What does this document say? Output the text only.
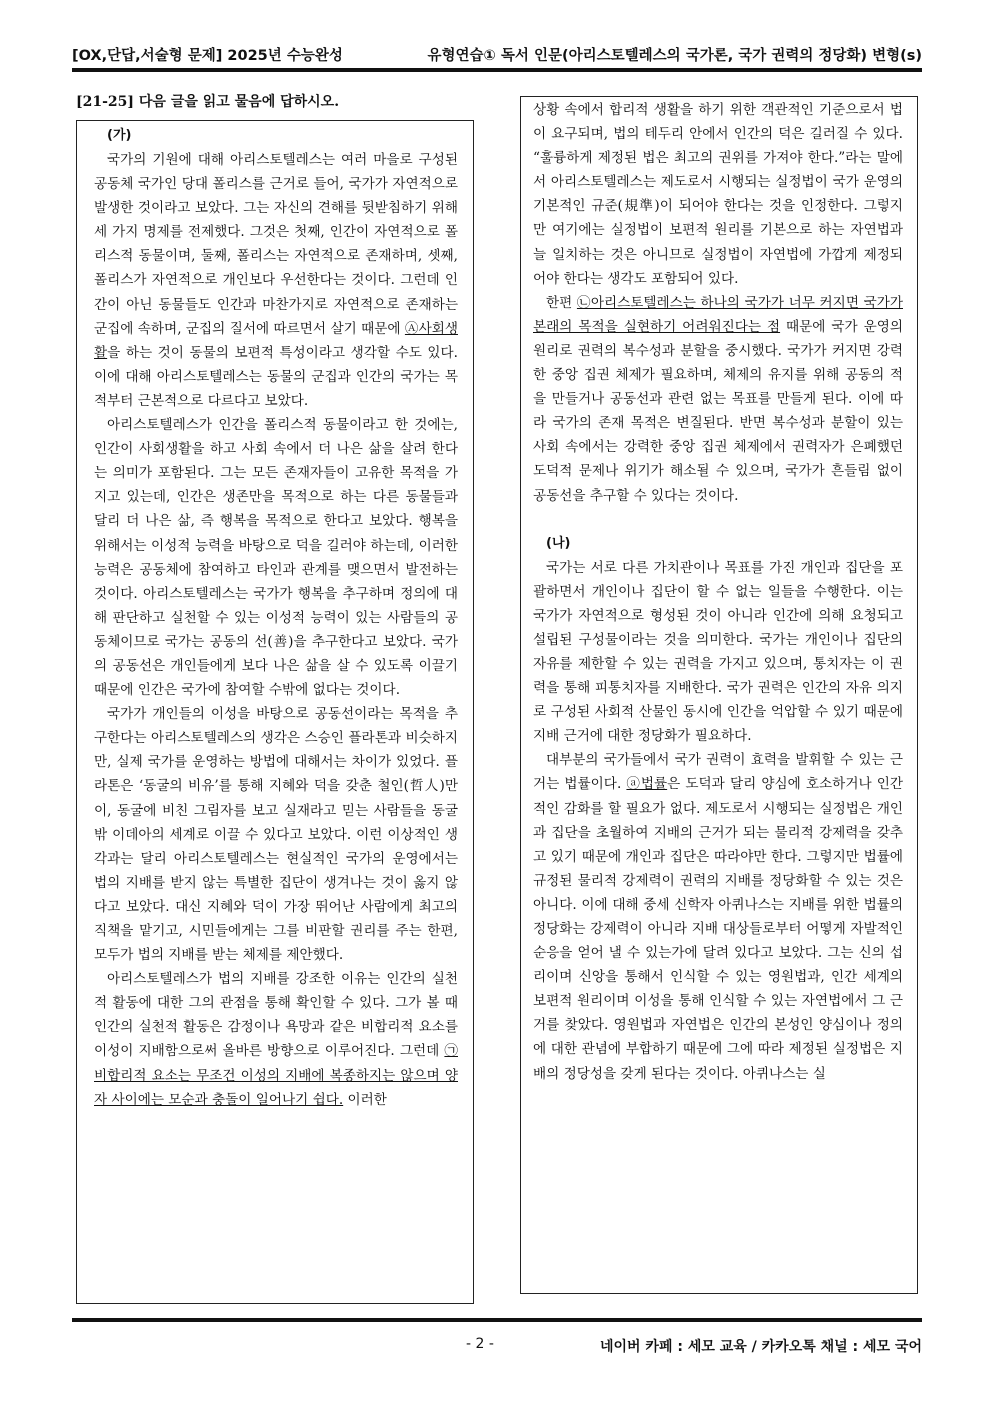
[OX,단답,서술형 문제] 2025년 수능완성	유형연습① 독서 인문(아리스토텔레스의 국가론, 국가 권력의 정당화) 변형(s)
[21-25] 다음 글을 읽고 물음에 답하시오.

(가)

국가의 기원에 대해 아리스토텔레스는 여러 마을로 구성된 공동체 국가인 당대 폴리스를 근거로 들어, 국가가 자연적으로 발생한 것이라고 보았다. 그는 자신의 견해를 뒷받침하기 위해 세 가지 명제를 전제했다. 그것은 첫째, 인간이 자연적으로 폴리스적 동물이며, 둘째, 폴리스는 자연적으로 존재하며, 셋째, 폴리스가 자연적으로 개인보다 우선한다는 것이다. 그런데 인간이 아닌 동물들도 인간과 마찬가지로 자연적으로 존재하는 군집에 속하며, 군집의 질서에 따르면서 살기 때문에 Ⓐ사회생활을 하는 것이 동물의 보편적 특성이라고 생각할 수도 있다. 이에 대해 아리스토텔레스는 동물의 군집과 인간의 국가는 목적부터 근본적으로 다르다고 보았다.

아리스토텔레스가 인간을 폴리스적 동물이라고 한 것에는, 인간이 사회생활을 하고 사회 속에서 더 나은 삶을 살려 한다는 의미가 포함된다. 그는 모든 존재자들이 고유한 목적을 가지고 있는데, 인간은 생존만을 목적으로 하는 다른 동물들과 달리 더 나은 삶, 즉 행복을 목적으로 한다고 보았다. 행복을 위해서는 이성적 능력을 바탕으로 덕을 길러야 하는데, 이러한 능력은 공동체에 참여하고 타인과 관계를 맺으면서 발전하는 것이다. 아리스토텔레스는 국가가 행복을 추구하며 정의에 대해 판단하고 실천할 수 있는 이성적 능력이 있는 사람들의 공동체이므로 국가는 공동의 선(善)을 추구한다고 보았다. 국가의 공동선은 개인들에게 보다 나은 삶을 살 수 있도록 이끌기 때문에 인간은 국가에 참여할 수밖에 없다는 것이다.

국가가 개인들의 이성을 바탕으로 공동선이라는 목적을 추구한다는 아리스토텔레스의 생각은 스승인 플라톤과 비슷하지만, 실제 국가를 운영하는 방법에 대해서는 차이가 있었다. 플라톤은 ‘동굴의 비유’를 통해 지혜와 덕을 갖춘 철인(哲人)만이, 동굴에 비친 그림자를 보고 실재라고 믿는 사람들을 동굴 밖 이데아의 세계로 이끌 수 있다고 보았다. 이런 이상적인 생각과는 달리 아리스토텔레스는 현실적인 국가의 운영에서는 법의 지배를 받지 않는 특별한 집단이 생겨나는 것이 옳지 않다고 보았다. 대신 지혜와 덕이 가장 뛰어난 사람에게 최고의 직책을 맡기고, 시민들에게는 그를 비판할 권리를 주는 한편, 모두가 법의 지배를 받는 체제를 제안했다.

아리스토텔레스가 법의 지배를 강조한 이유는 인간의 실천적 활동에 대한 그의 관점을 통해 확인할 수 있다. 그가 볼 때 인간의 실천적 활동은 감정이나 욕망과 같은 비합리적 요소를 이성이 지배함으로써 올바른 방향으로 이루어진다. 그런데 ㉠비합리적 요소는 무조건 이성의 지배에 복종하지는 않으며 양자 사이에는 모순과 충돌이 일어나기 쉽다. 이러한

상황 속에서 합리적 생활을 하기 위한 객관적인 기준으로서 법이 요구되며, 법의 테두리 안에서 인간의 덕은 길러질 수 있다. “훌륭하게 제정된 법은 최고의 권위를 가져야 한다.”라는 말에서 아리스토텔레스는 제도로서 시행되는 실정법이 국가 운영의 기본적인 규준(規準)이 되어야 한다는 것을 인정한다. 그렇지만 여기에는 실정법이 보편적 원리를 기본으로 하는 자연법과 늘 일치하는 것은 아니므로 실정법이 자연법에 가깝게 제정되어야 한다는 생각도 포함되어 있다.

한편 ㉡아리스토텔레스는 하나의 국가가 너무 커지면 국가가 본래의 목적을 실현하기 어려워진다는 점 때문에 국가 운영의 원리로 권력의 복수성과 분할을 중시했다. 국가가 커지면 강력한 중앙 집권 체제가 필요하며, 체제의 유지를 위해 공동의 적을 만들거나 공동선과 관련 없는 목표를 만들게 된다. 이에 따라 국가의 존재 목적은 변질된다. 반면 복수성과 분할이 있는 사회 속에서는 강력한 중앙 집권 체제에서 권력자가 은폐했던 도덕적 문제나 위기가 해소될 수 있으며, 국가가 흔들림 없이 공동선을 추구할 수 있다는 것이다.

(나)

국가는 서로 다른 가치관이나 목표를 가진 개인과 집단을 포괄하면서 개인이나 집단이 할 수 없는 일들을 수행한다. 이는 국가가 자연적으로 형성된 것이 아니라 인간에 의해 요청되고 설립된 구성물이라는 것을 의미한다. 국가는 개인이나 집단의 자유를 제한할 수 있는 권력을 가지고 있으며, 통치자는 이 권력을 통해 피통치자를 지배한다. 국가 권력은 인간의 자유 의지로 구성된 사회적 산물인 동시에 인간을 억압할 수 있기 때문에 지배 근거에 대한 정당화가 필요하다.

대부분의 국가들에서 국가 권력이 효력을 발휘할 수 있는 근거는 법률이다. ⓐ법률은 도덕과 달리 양심에 호소하거나 인간적인 감화를 할 필요가 없다. 제도로서 시행되는 실정법은 개인과 집단을 초월하여 지배의 근거가 되는 물리적 강제력을 갖추고 있기 때문에 개인과 집단은 따라야만 한다. 그렇지만 법률에 규정된 물리적 강제력이 권력의 지배를 정당화할 수 있는 것은 아니다. 이에 대해 중세 신학자 아퀴나스는 지배를 위한 법률의 정당화는 강제력이 아니라 지배 대상들로부터 어떻게 자발적인 순응을 얻어 낼 수 있는가에 달려 있다고 보았다. 그는 신의 섭리이며 신앙을 통해서 인식할 수 있는 영원법과, 인간 세계의 보편적 원리이며 이성을 통해 인식할 수 있는 자연법에서 그 근거를 찾았다. 영원법과 자연법은 인간의 본성인 양심이나 정의에 대한 관념에 부합하기 때문에 그에 따라 제정된 실정법은 지배의 정당성을 갖게 된다는 것이다. 아퀴나스는 실

- 2 -	네이버 카페 : 세모 교육 / 카카오톡 채널 : 세모 국어
